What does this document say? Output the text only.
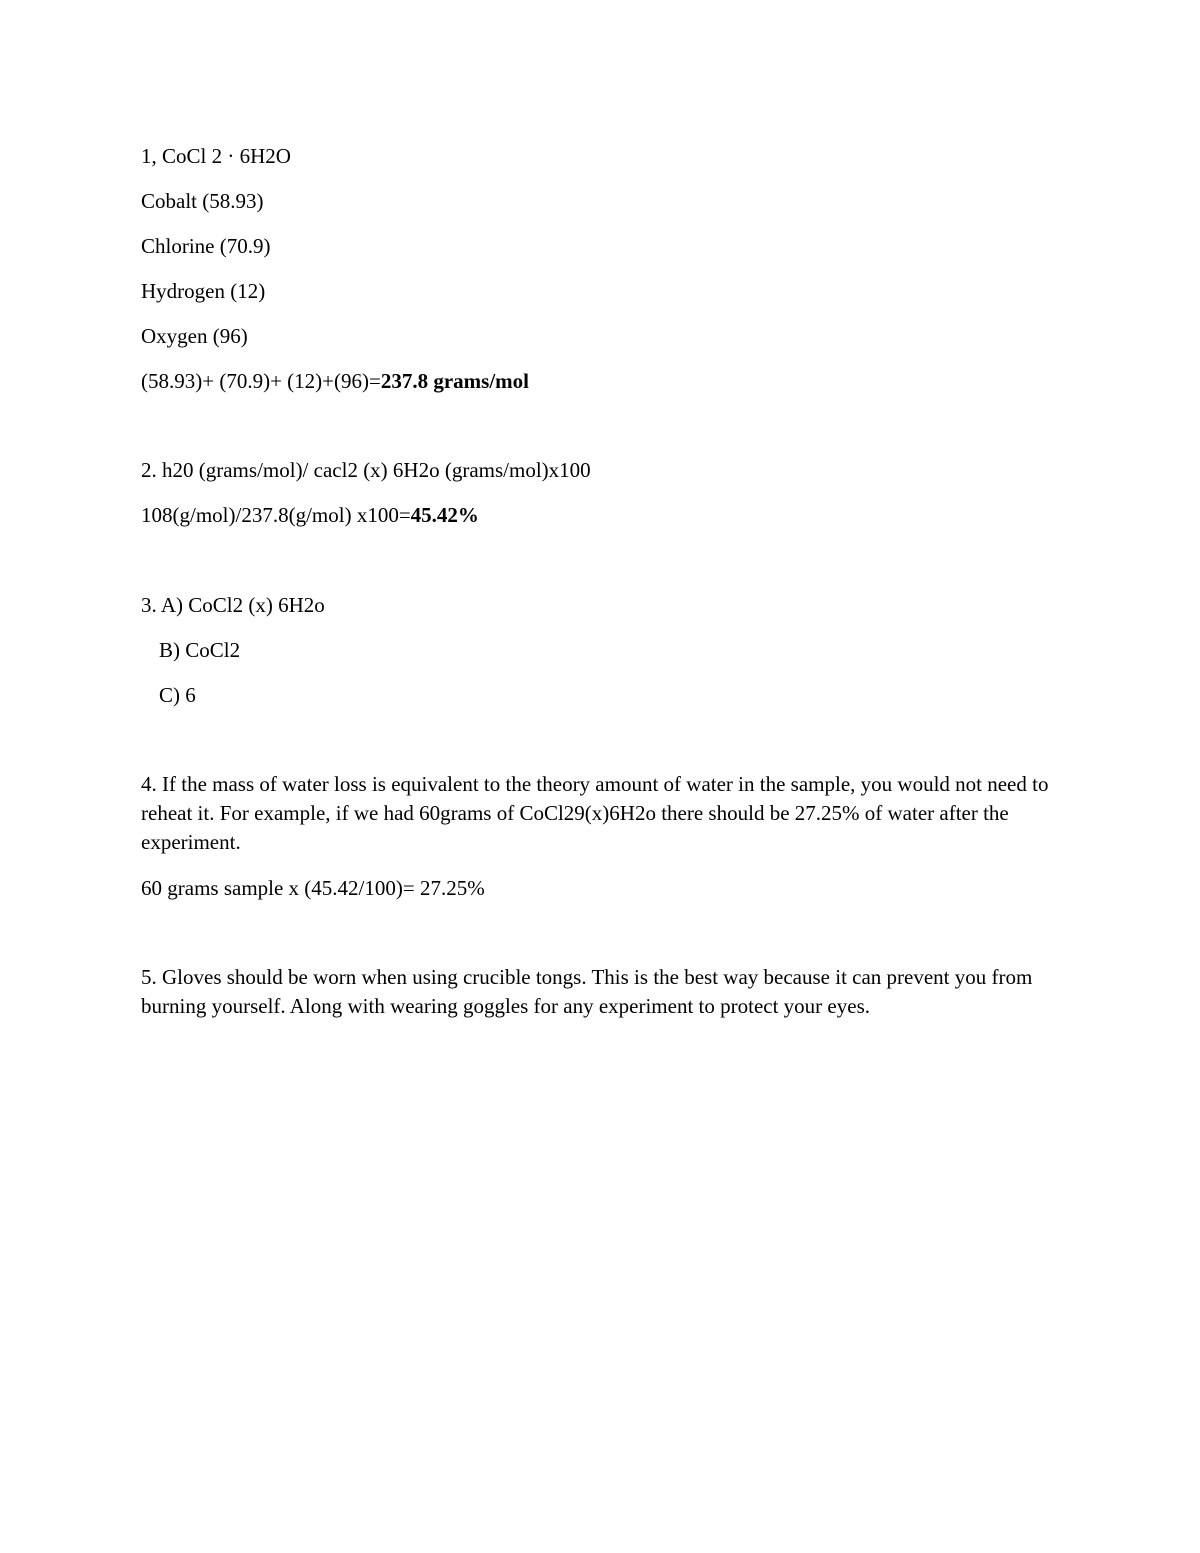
1, CoCl 2 · 6H2O
Cobalt (58.93)
Chlorine (70.9)
Hydrogen (12)
Oxygen (96)
(58.93)+ (70.9)+ (12)+(96)=237.8 grams/mol
2. h20 (grams/mol)/ cacl2 (x) 6H2o (grams/mol)x100
108(g/mol)/237.8(g/mol) x100=45.42%
3. A) CoCl2 (x) 6H2o
B) CoCl2
C) 6
4. If the mass of water loss is equivalent to the theory amount of water in the sample, you would not need to reheat it. For example, if we had 60grams of CoCl29(x)6H2o there should be 27.25% of water after the experiment.
60 grams sample x (45.42/100)= 27.25%
5. Gloves should be worn when using crucible tongs. This is the best way because it can prevent you from burning yourself. Along with wearing goggles for any experiment to protect your eyes.
